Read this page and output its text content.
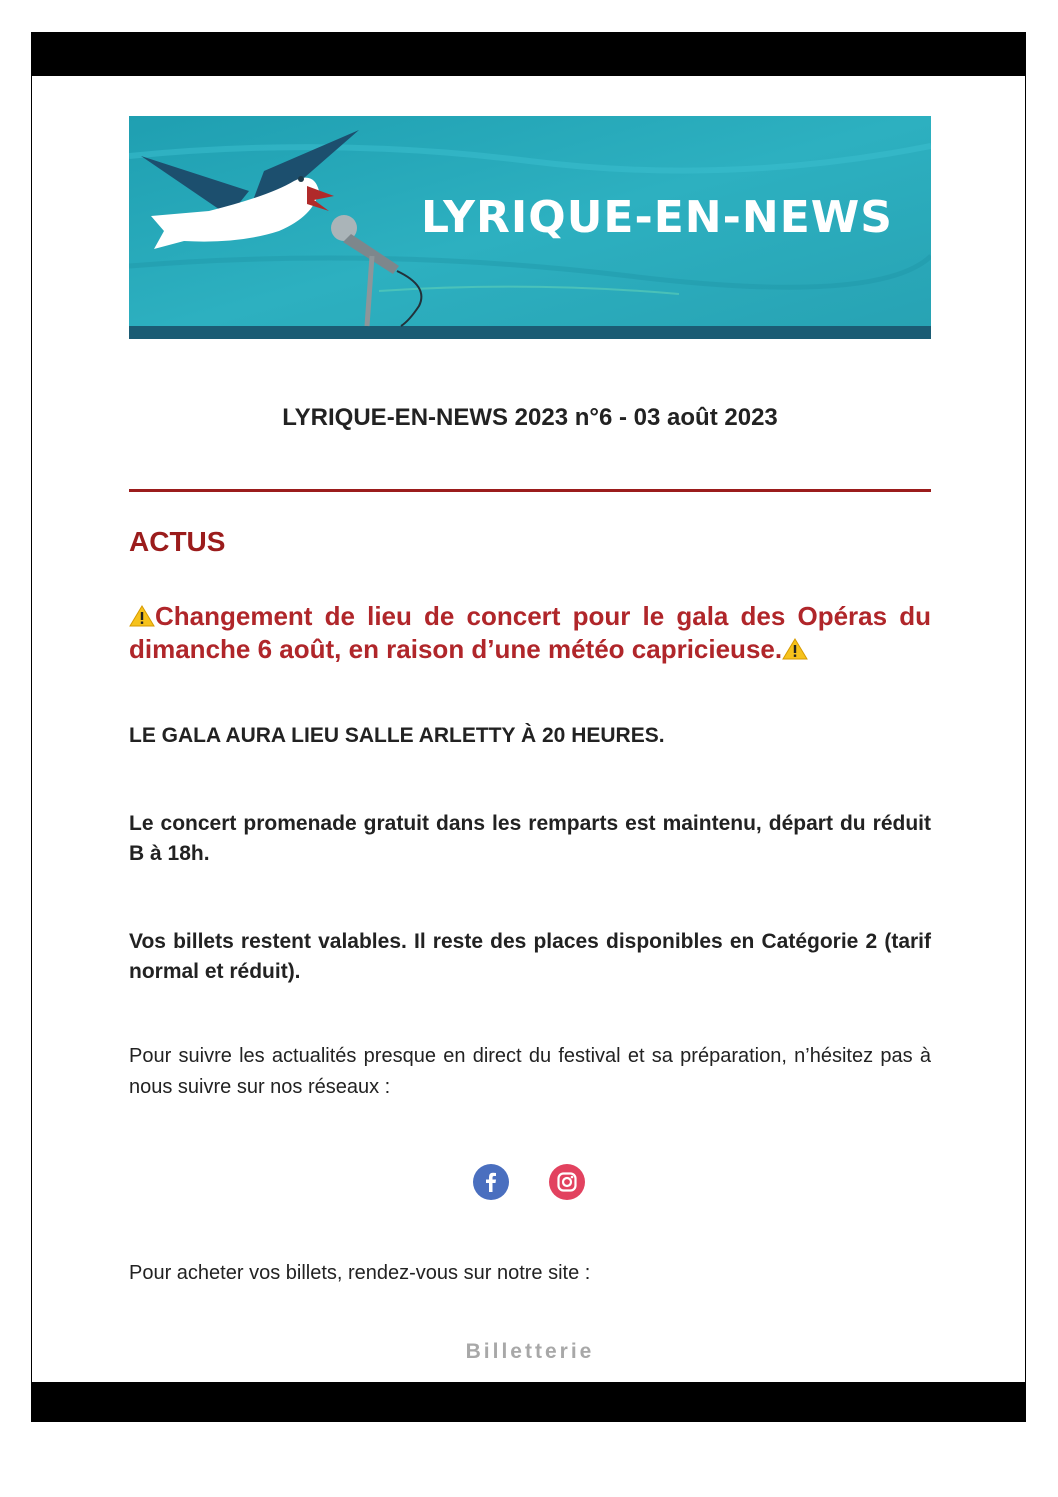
LYRIQUE-EN-NEWS
LYRIQUE-EN-NEWS 2023 n°6 - 03 août 2023
ACTUS
Changement de lieu de concert pour le gala des Opéras du dimanche 6 août, en raison d’une météo capricieuse.
LE GALA AURA LIEU SALLE ARLETTY À 20 HEURES.
Le concert promenade gratuit dans les remparts est maintenu, départ du réduit B à 18h.
Vos billets restent valables. Il reste des places disponibles en Catégorie 2 (tarif normal et réduit).
Pour suivre les actualités presque en direct du festival et sa préparation, n’hésitez pas à nous suivre sur nos réseaux :
Pour acheter vos billets, rendez-vous sur notre site :
Billetterie
